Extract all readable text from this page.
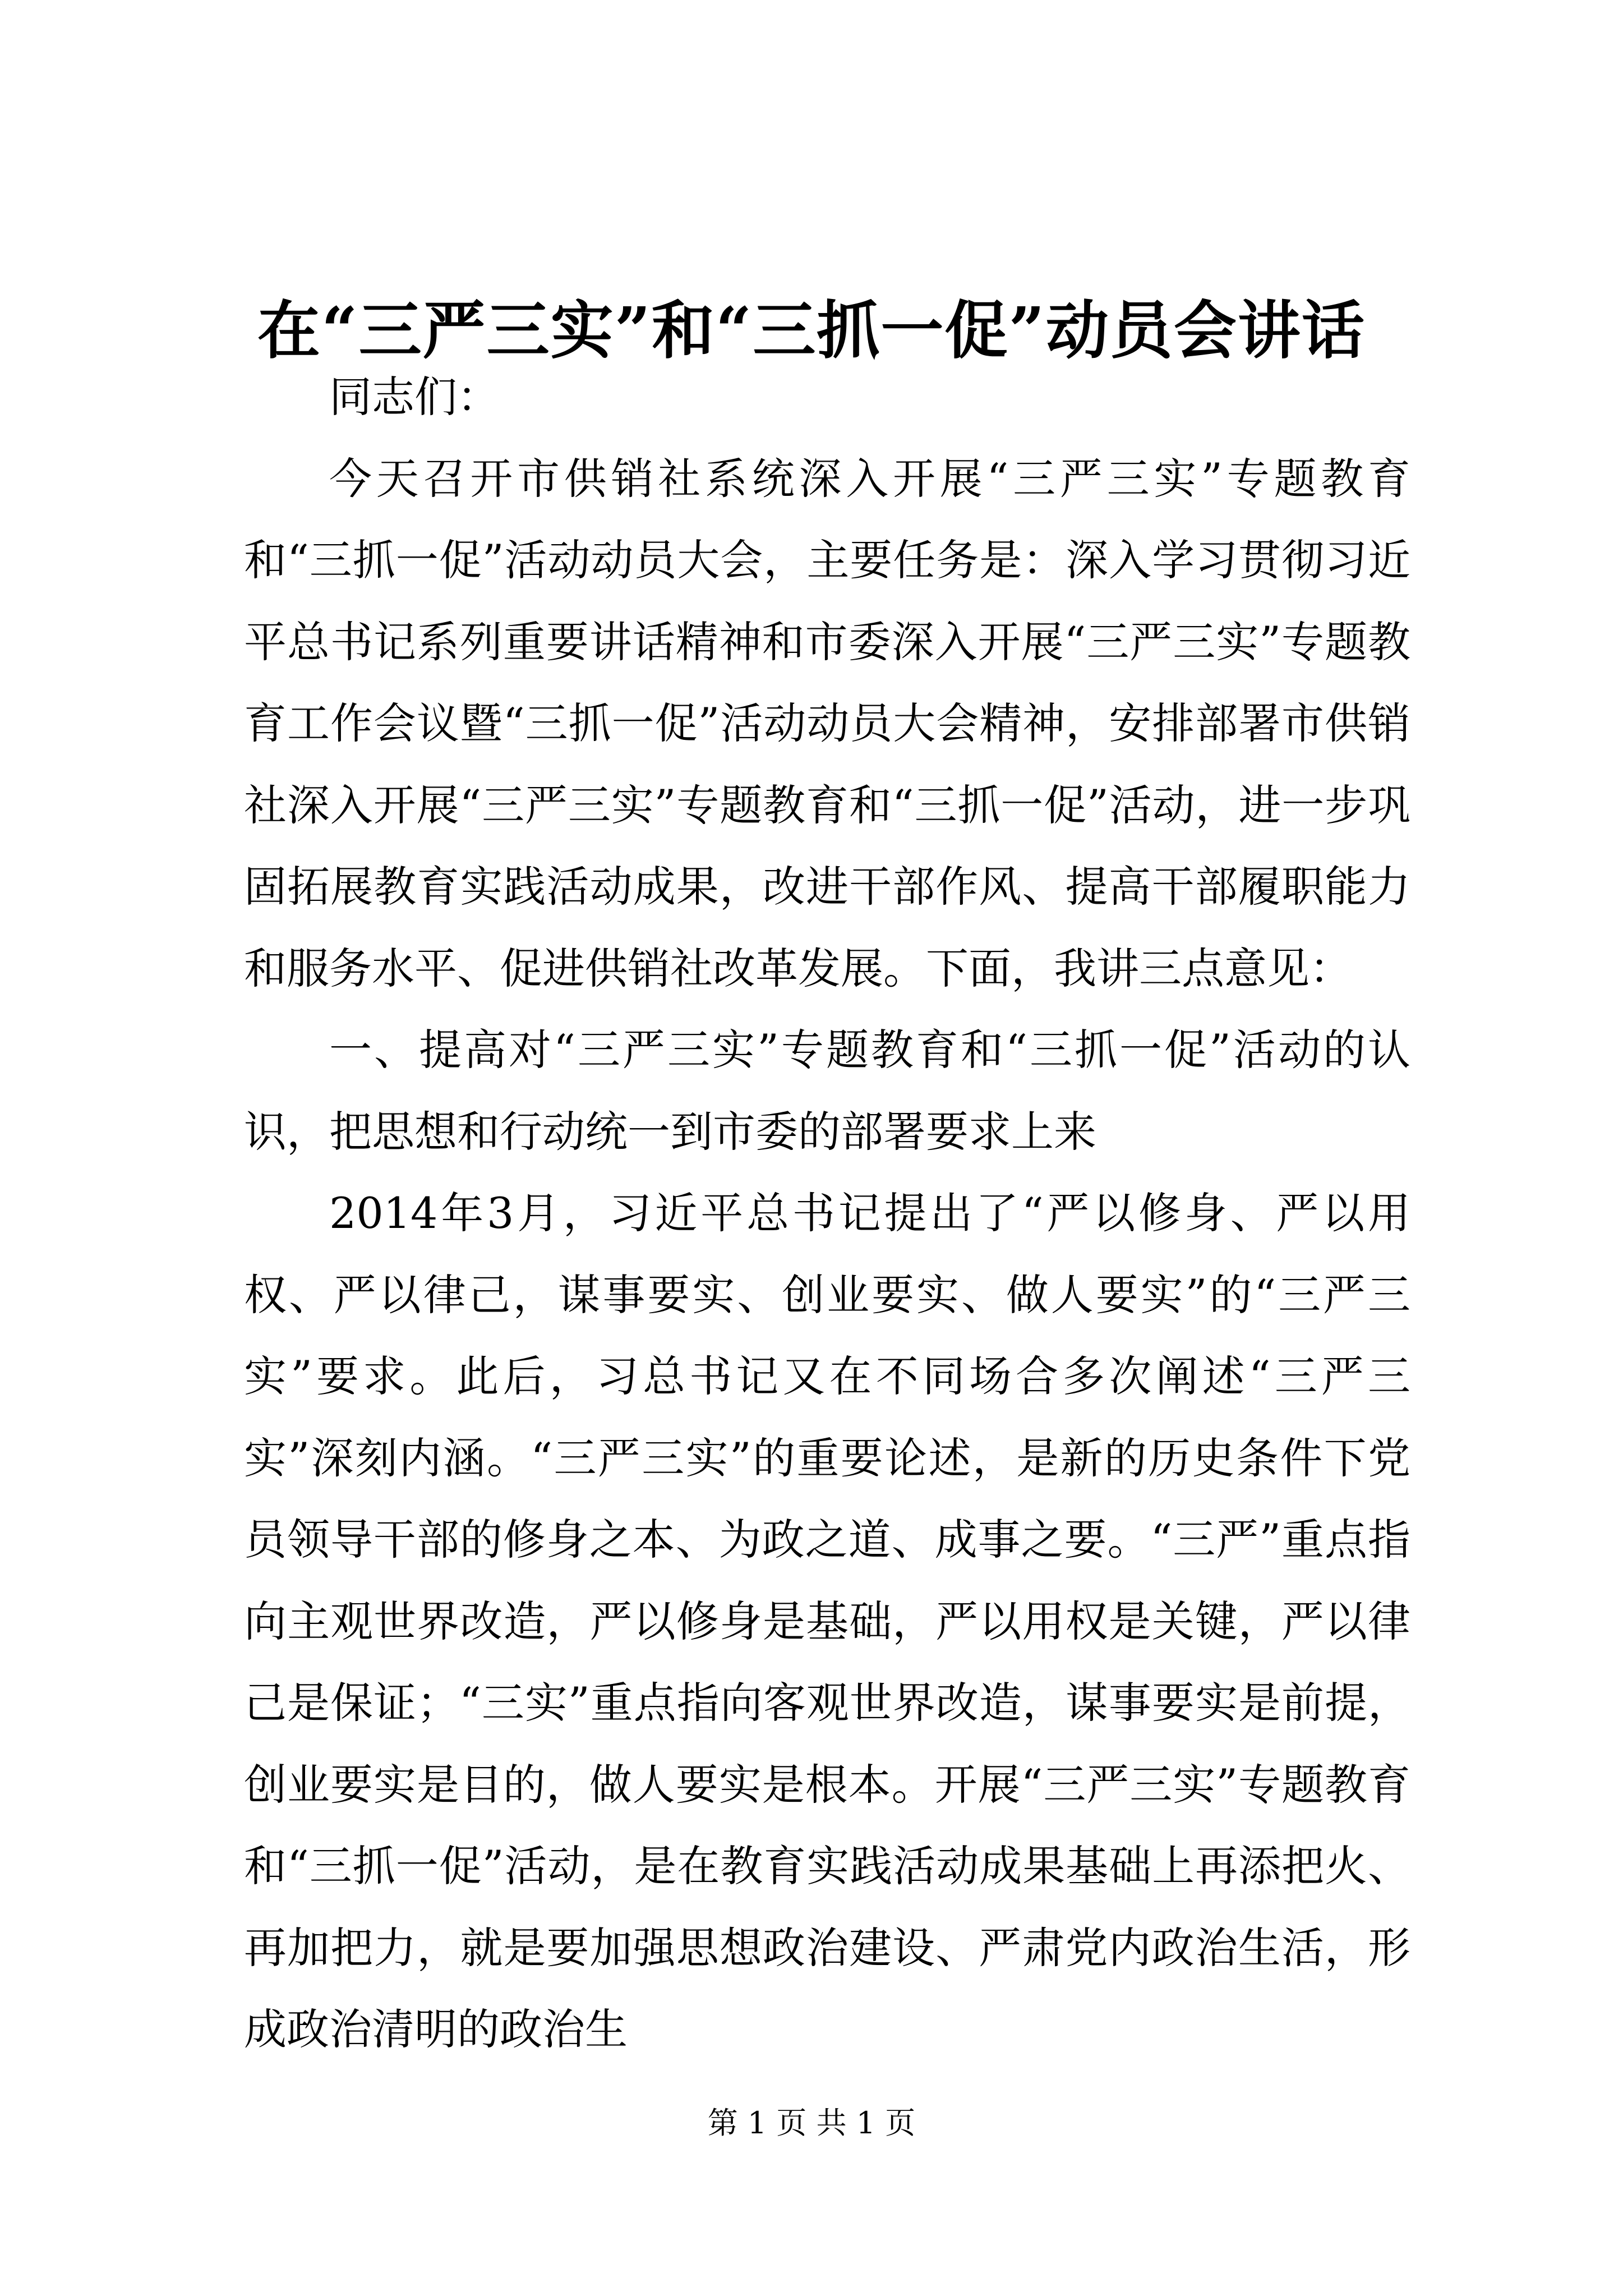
在“三严三实”和“三抓一促”动员会讲话

同志们：

今天召开市供销社系统深入开展“三严三实”专题教育和“三抓一促”活动动员大会，主要任务是：深入学习贯彻习近平总书记系列重要讲话精神和市委深入开展“三严三实”专题教育工作会议暨“三抓一促”活动动员大会精神，安排部署市供销社深入开展“三严三实”专题教育和“三抓一促”活动，进一步巩固拓展教育实践活动成果，改进干部作风、提高干部履职能力和服务水平、促进供销社改革发展。下面，我讲三点意见：

一、提高对“三严三实”专题教育和“三抓一促”活动的认识，把思想和行动统一到市委的部署要求上来

2014年3月，习近平总书记提出了“严以修身、严以用权、严以律己，谋事要实、创业要实、做人要实”的“三严三实”要求。此后，习总书记又在不同场合多次阐述“三严三实”深刻内涵。“三严三实”的重要论述，是新的历史条件下党员领导干部的修身之本、为政之道、成事之要。“三严”重点指向主观世界改造，严以修身是基础，严以用权是关键，严以律己是保证；“三实”重点指向客观世界改造，谋事要实是前提，创业要实是目的，做人要实是根本。开展“三严三实”专题教育和“三抓一促”活动，是在教育实践活动成果基础上再添把火、再加把力，就是要加强思想政治建设、严肃党内政治生活，形成政治清明的政治生

第 1 页 共 1 页
